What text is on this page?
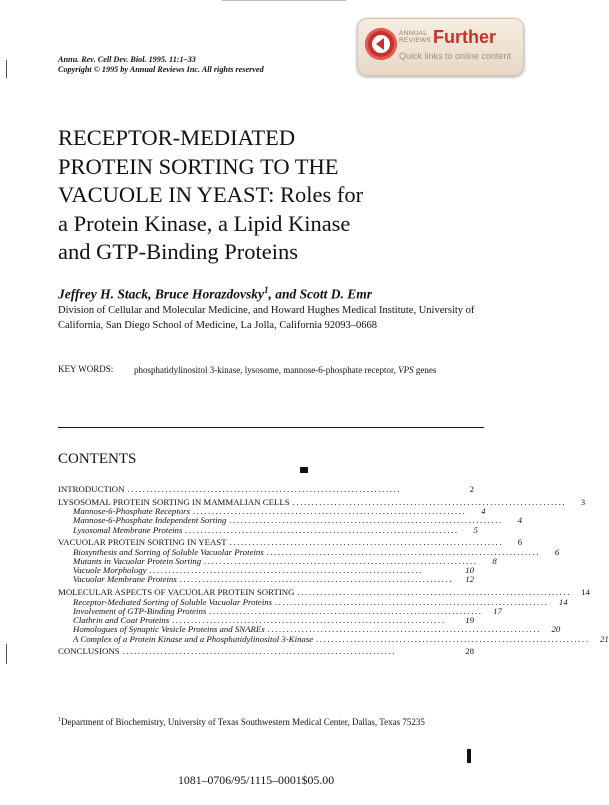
Annu. Rev. Cell Dev. Biol. 1995. 11:1–33
Copyright © 1995 by Annual Reviews Inc. All rights reserved
ANNUAL
REVIEWS Further
Quick links to online content
RECEPTOR-MEDIATED
PROTEIN SORTING TO THE
VACUOLE IN YEAST: Roles for
a Protein Kinase, a Lipid Kinase
and GTP-Binding Proteins
Jeffrey H. Stack, Bruce Horazdovsky$^1$, and Scott D. Emr
Division of Cellular and Molecular Medicine, and Howard Hughes Medical Institute, University of California, San Diego School of Medicine, La Jolla, California 92093–0668
KEY WORDS: phosphatidylinositol 3-kinase, lysosome, mannose-6-phosphate receptor, VPS genes
CONTENTS
INTRODUCTION ........................................................................	2
LYSOSOMAL PROTEIN SORTING IN MAMMALIAN CELLS ........................................................................	3
Mannose-6-Phosphate Receptors ........................................................................	4
Mannose-6-Phosphate Independent Sorting ........................................................................	4
Lysosomal Membrane Proteins ........................................................................	5
VACUOLAR PROTEIN SORTING IN YEAST ........................................................................	6
Biosynthesis and Sorting of Soluble Vacuolar Proteins ........................................................................	6
Mutants in Vacuolar Protein Sorting ........................................................................	8
Vacuole Morphology ........................................................................	10
Vacuolar Membrane Proteins ........................................................................	12
MOLECULAR ASPECTS OF VACUOLAR PROTEIN SORTING ........................................................................	14
Receptor-Mediated Sorting of Soluble Vacuolar Proteins ........................................................................	14
Involvement of GTP-Binding Proteins ........................................................................	17
Clathrin and Coat Proteins ........................................................................	19
Homologues of Synaptic Vesicle Proteins and SNAREs ........................................................................	20
A Complex of a Protein Kinase and a Phosphatidylinositol 3-Kinase ........................................................................	21
CONCLUSIONS ........................................................................	28
$^1$Department of Biochemistry, University of Texas Southwestern Medical Center, Dallas, Texas 75235
1081–0706/95/1115–0001$05.00
